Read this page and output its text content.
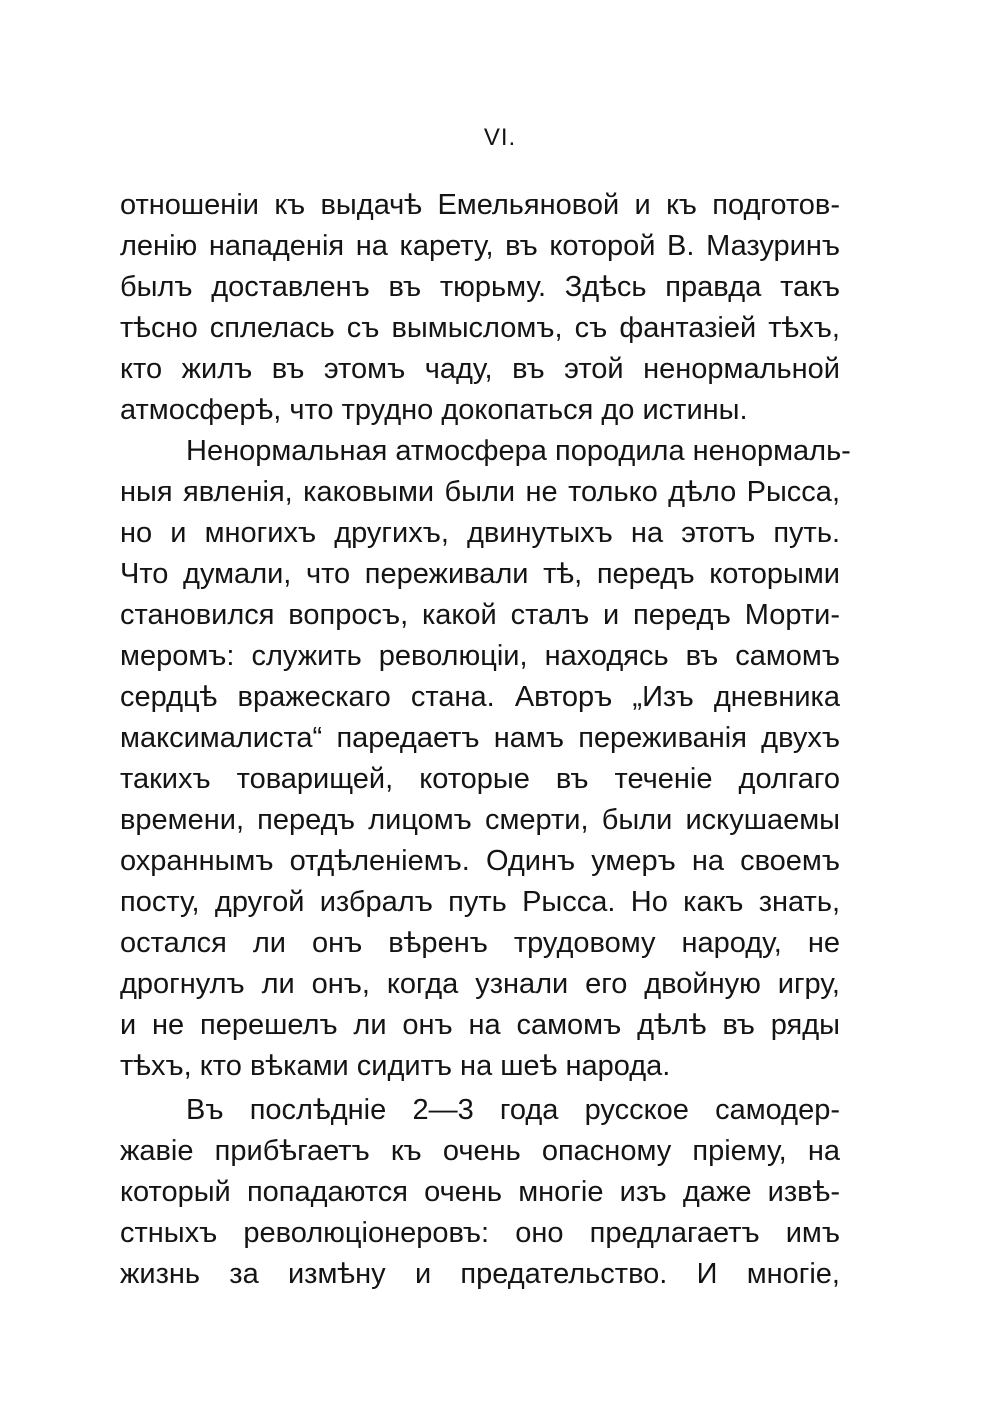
VI.
отношеніи къ выдачѣ Емельяновой и къ подготов-
ленію нападенія на карету, въ которой В. Мазуринъ
былъ доставленъ въ тюрьму. Здѣсь правда такъ
тѣсно сплелась съ вымысломъ, съ фантазіей тѣхъ,
кто жилъ въ этомъ чаду, въ этой ненормальной
атмосферѣ, что трудно докопаться до истины.
Ненормальная атмосфера породила ненормаль-
ныя явленія, каковыми были не только дѣло Рысса,
но и многихъ другихъ, двинутыхъ на этотъ путь.
Что думали, что переживали тѣ, передъ которыми
становился вопросъ, какой сталъ и передъ Морти-
меромъ: служить революціи, находясь въ самомъ
сердцѣ вражескаго стана. Авторъ „Изъ дневника
максималиста“ паредаетъ намъ переживанія двухъ
такихъ товарищей, которые въ теченіе долгаго
времени, передъ лицомъ смерти, были искушаемы
охраннымъ отдѣленіемъ. Одинъ умеръ на своемъ
посту, другой избралъ путь Рысса. Но какъ знать,
остался ли онъ вѣренъ трудовому народу, не
дрогнулъ ли онъ, когда узнали его двойную игру,
и не перешелъ ли онъ на самомъ дѣлѣ въ ряды
тѣхъ, кто вѣками сидитъ на шеѣ народа.
Въ послѣдніе 2—3 года русское самодер-
жавіе прибѣгаетъ къ очень опасному пріему, на
который попадаются очень многіе изъ даже извѣ-
стныхъ революціонеровъ: оно предлагаетъ имъ
жизнь за измѣну и предательство. И многіе,
